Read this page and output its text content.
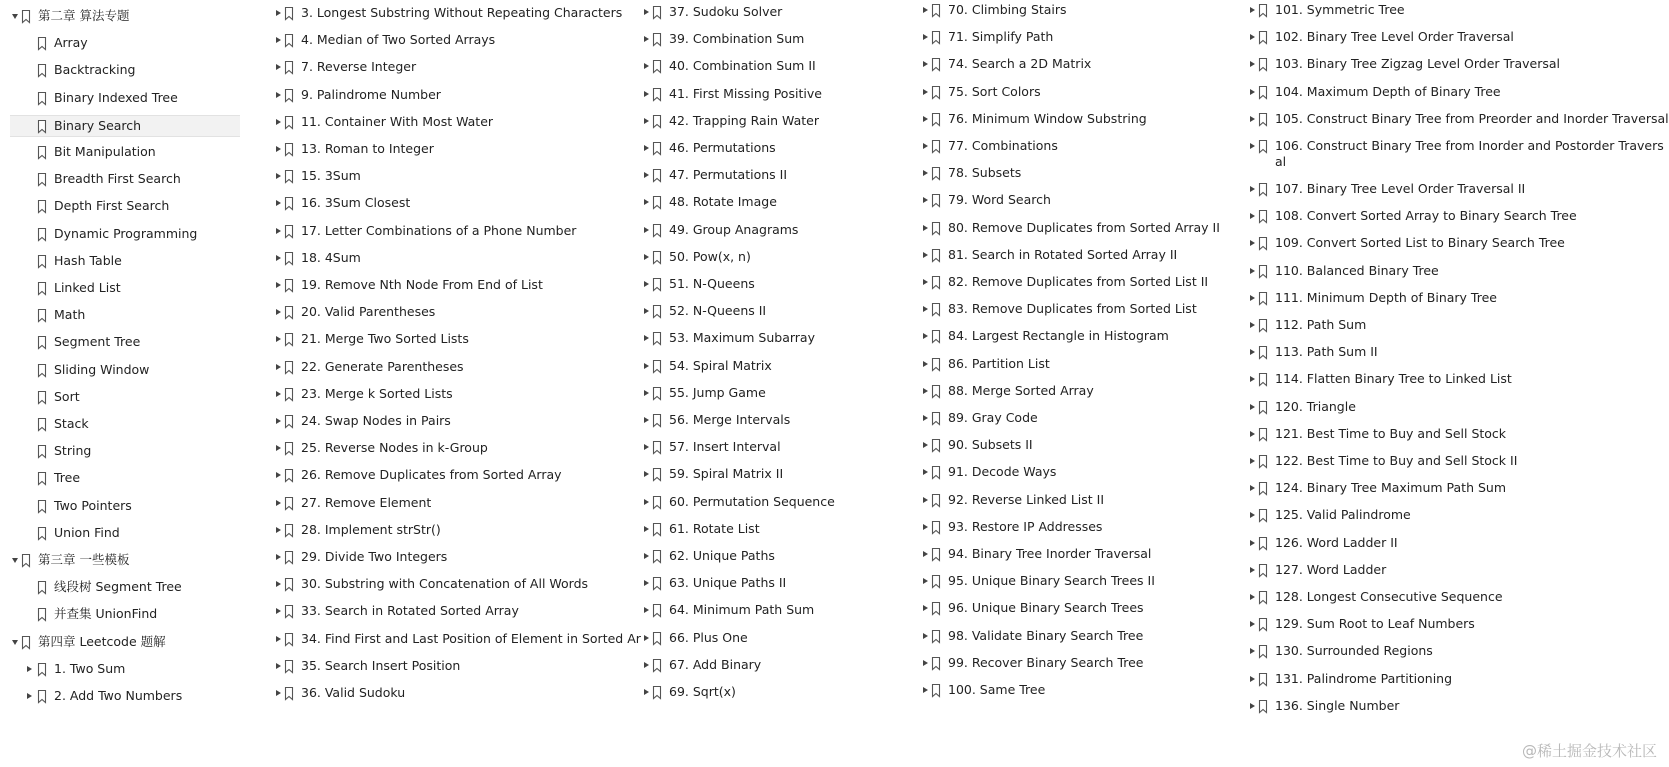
第二章 算法专题
Array
Backtracking
Binary Indexed Tree
Binary Search
Bit Manipulation
Breadth First Search
Depth First Search
Dynamic Programming
Hash Table
Linked List
Math
Segment Tree
Sliding Window
Sort
Stack
String
Tree
Two Pointers
Union Find
第三章 一些模板
线段树 Segment Tree
并查集 UnionFind
第四章 Leetcode 题解
1. Two Sum
2. Add Two Numbers
3. Longest Substring Without Repeating Characters
4. Median of Two Sorted Arrays
7. Reverse Integer
9. Palindrome Number
11. Container With Most Water
13. Roman to Integer
15. 3Sum
16. 3Sum Closest
17. Letter Combinations of a Phone Number
18. 4Sum
19. Remove Nth Node From End of List
20. Valid Parentheses
21. Merge Two Sorted Lists
22. Generate Parentheses
23. Merge k Sorted Lists
24. Swap Nodes in Pairs
25. Reverse Nodes in k-Group
26. Remove Duplicates from Sorted Array
27. Remove Element
28. Implement strStr()
29. Divide Two Integers
30. Substring with Concatenation of All Words
33. Search in Rotated Sorted Array
34. Find First and Last Position of Element in Sorted Ar
35. Search Insert Position
36. Valid Sudoku
37. Sudoku Solver
39. Combination Sum
40. Combination Sum II
41. First Missing Positive
42. Trapping Rain Water
46. Permutations
47. Permutations II
48. Rotate Image
49. Group Anagrams
50. Pow(x, n)
51. N-Queens
52. N-Queens II
53. Maximum Subarray
54. Spiral Matrix
55. Jump Game
56. Merge Intervals
57. Insert Interval
59. Spiral Matrix II
60. Permutation Sequence
61. Rotate List
62. Unique Paths
63. Unique Paths II
64. Minimum Path Sum
66. Plus One
67. Add Binary
69. Sqrt(x)
70. Climbing Stairs
71. Simplify Path
74. Search a 2D Matrix
75. Sort Colors
76. Minimum Window Substring
77. Combinations
78. Subsets
79. Word Search
80. Remove Duplicates from Sorted Array II
81. Search in Rotated Sorted Array II
82. Remove Duplicates from Sorted List II
83. Remove Duplicates from Sorted List
84. Largest Rectangle in Histogram
86. Partition List
88. Merge Sorted Array
89. Gray Code
90. Subsets II
91. Decode Ways
92. Reverse Linked List II
93. Restore IP Addresses
94. Binary Tree Inorder Traversal
95. Unique Binary Search Trees II
96. Unique Binary Search Trees
98. Validate Binary Search Tree
99. Recover Binary Search Tree
100. Same Tree
101. Symmetric Tree
102. Binary Tree Level Order Traversal
103. Binary Tree Zigzag Level Order Traversal
104. Maximum Depth of Binary Tree
105. Construct Binary Tree from Preorder and Inorder Traversal
106. Construct Binary Tree from Inorder and Postorder Travers
al
107. Binary Tree Level Order Traversal II
108. Convert Sorted Array to Binary Search Tree
109. Convert Sorted List to Binary Search Tree
110. Balanced Binary Tree
111. Minimum Depth of Binary Tree
112. Path Sum
113. Path Sum II
114. Flatten Binary Tree to Linked List
120. Triangle
121. Best Time to Buy and Sell Stock
122. Best Time to Buy and Sell Stock II
124. Binary Tree Maximum Path Sum
125. Valid Palindrome
126. Word Ladder II
127. Word Ladder
128. Longest Consecutive Sequence
129. Sum Root to Leaf Numbers
130. Surrounded Regions
131. Palindrome Partitioning
136. Single Number
@稀土掘金技术社区
